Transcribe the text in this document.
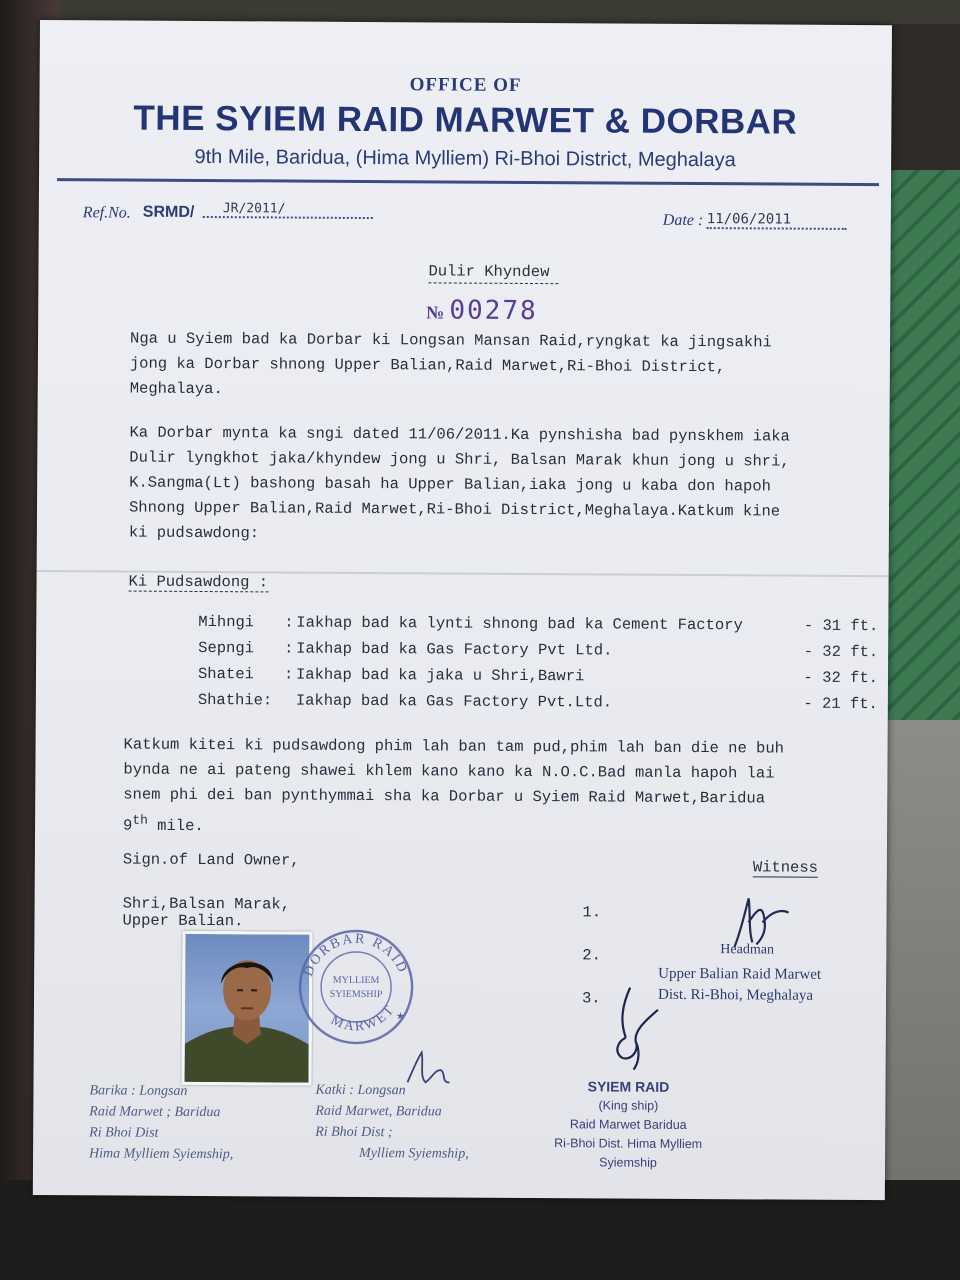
OFFICE OF
THE SYIEM RAID MARWET & DORBAR
9th Mile, Baridua, (Hima Mylliem) Ri-Bhoi District, Meghalaya
Ref.No. SRMD/	JR/2011/
Date : 11/06/2011
Dulir Khyndew
№ 00278

Nga u Syiem bad ka Dorbar ki Longsan Mansan Raid,ryngkat ka jingsakhi

jong ka Dorbar shnong Upper Balian,Raid Marwet,Ri-Bhoi District,

Meghalaya.

Ka Dorbar mynta ka sngi dated 11/06/2011.Ka pynshisha bad pynskhem iaka

Dulir lyngkhot jaka/khyndew jong u Shri, Balsan Marak khun jong u shri,

K.Sangma(Lt) bashong basah ha Upper Balian,iaka jong u kaba don hapoh

Shnong Upper Balian,Raid Marwet,Ri-Bhoi District,Meghalaya.Katkum kine

ki pudsawdong:

Ki Pudsawdong :
Mihngi	: Iakhap bad ka lynti shnong bad ka Cement Factory	- 31 ft.
Sepngi	: Iakhap bad ka Gas Factory Pvt Ltd.	- 32 ft.
Shatei	: Iakhap bad ka jaka u Shri,Bawri	- 32 ft.
Shathie:	Iakhap bad ka Gas Factory Pvt.Ltd.	- 21 ft.

Katkum kitei ki pudsawdong phim lah ban tam pud,phim lah ban die ne buh

bynda ne ai pateng shawei khlem kano kano ka N.O.C.Bad manla hapoh lai

snem phi dei ban pynthymmai sha ka Dorbar u Syiem Raid Marwet,Baridua

9th mile.

Sign.of Land Owner,	Witness
Shri,Balsan Marak,
Upper Balian.	1.
2.
3.
Headman
Upper Balian Raid Marwet
Dist. Ri-Bhoi, Meghalaya
DORBAR RAID
MARWET
MYLLIEM
SYIEMSHIP
★
Barika : Longsan
Raid Marwet ; Baridua
Ri Bhoi Dist
Hima Mylliem Syiemship,
Katki : Longsan
Raid Marwet, Baridua
Ri Bhoi Dist ;
Mylliem Syiemship,
SYIEM RAID
(King ship)
Raid Marwet Baridua
Ri-Bhoi Dist. Hima Mylliem
Syiemship
